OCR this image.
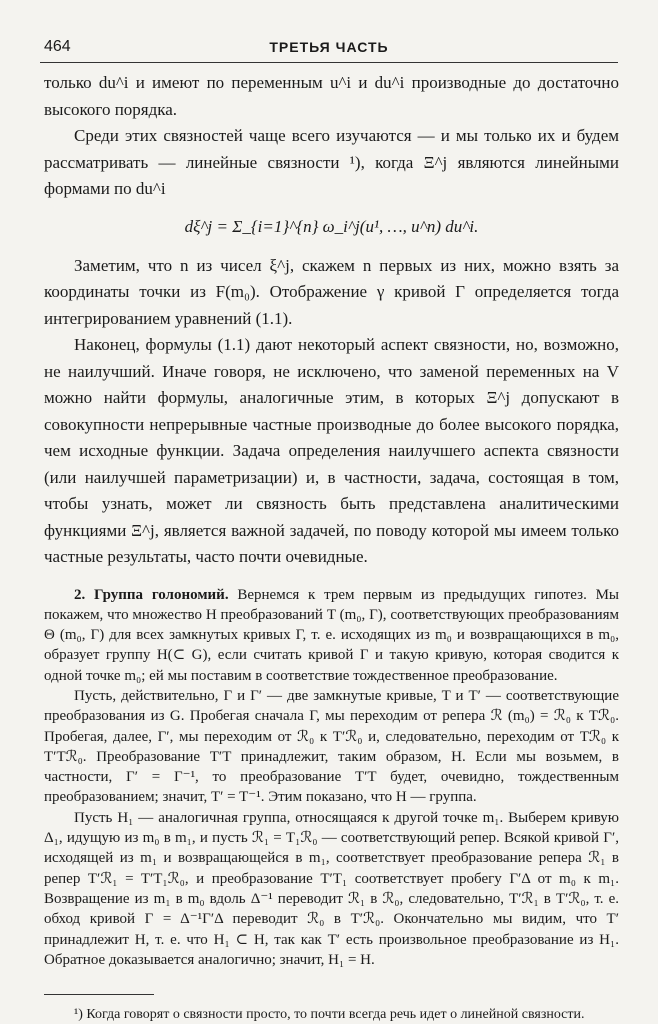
464	ТРЕТЬЯ ЧАСТЬ

только du^i и имеют по переменным u^i и du^i производные до достаточно высокого порядка.

Среди этих связностей чаще всего изучаются — и мы только их и будем рассматривать — линейные связности ¹), когда Ξ^j являются линейными формами по du^i

dξ^j = Σ_{i=1}^{n} ω_i^j(u¹, …, u^n) du^i.

Заметим, что n из чисел ξ^j, скажем n первых из них, можно взять за координаты точки из F(m₀). Отображение γ кривой Γ определяется тогда интегрированием уравнений (1.1).

Наконец, формулы (1.1) дают некоторый аспект связности, но, возможно, не наилучший. Иначе говоря, не исключено, что заменой переменных на V можно найти формулы, аналогичные этим, в которых Ξ^j допускают в совокупности непрерывные частные производные до более высокого порядка, чем исходные функции. Задача определения наилучшего аспекта связности (или наилучшей параметризации) и, в частности, задача, состоящая в том, чтобы узнать, может ли связность быть представлена аналитическими функциями Ξ^j, является важной задачей, по поводу которой мы имеем только частные результаты, часто почти очевидные.

2. Группа голономий. Вернемся к трем первым из предыдущих гипотез. Мы покажем, что множество H преобразований T (m₀, Γ), соответствующих преобразованиям Θ (m₀, Γ) для всех замкнутых кривых Γ, т. е. исходящих из m₀ и возвращающихся в m₀, образует группу H(⊂ G), если считать кривой Γ и такую кривую, которая сводится к одной точке m₀; ей мы поставим в соответствие тождественное преобразование.

Пусть, действительно, Γ и Γ′ — две замкнутые кривые, T и T′ — соответствующие преобразования из G. Пробегая сначала Γ, мы переходим от репера ℛ (m₀) = ℛ₀ к Tℛ₀. Пробегая, далее, Γ′, мы переходим от ℛ₀ к T′ℛ₀ и, следовательно, переходим от Tℛ₀ к T′Tℛ₀. Преобразование T′T принадлежит, таким образом, H. Если мы возьмем, в частности, Γ′ = Γ⁻¹, то преобразование T′T будет, очевидно, тождественным преобразованием; значит, T′ = T⁻¹. Этим показано, что H — группа.

Пусть H₁ — аналогичная группа, относящаяся к другой точке m₁. Выберем кривую Δ₁, идущую из m₀ в m₁, и пусть ℛ₁ = T₁ℛ₀ — соответствующий репер. Всякой кривой Γ′, исходящей из m₁ и возвращающейся в m₁, соответствует преобразование репера ℛ₁ в репер T′ℛ₁ = T′T₁ℛ₀, и преобразование T′T₁ соответствует пробегу Γ′Δ от m₀ к m₁. Возвращение из m₁ в m₀ вдоль Δ⁻¹ переводит ℛ₁ в ℛ₀, следовательно, T′ℛ₁ в T′ℛ₀, т. е. обход кривой Γ = Δ⁻¹Γ′Δ переводит ℛ₀ в T′ℛ₀. Окончательно мы видим, что T′ принадлежит H, т. е. что H₁ ⊂ H, так как T′ есть произвольное преобразование из H₁. Обратное доказывается аналогично; значит, H₁ = H.

¹) Когда говорят о связности просто, то почти всегда речь идет о линейной связности.
